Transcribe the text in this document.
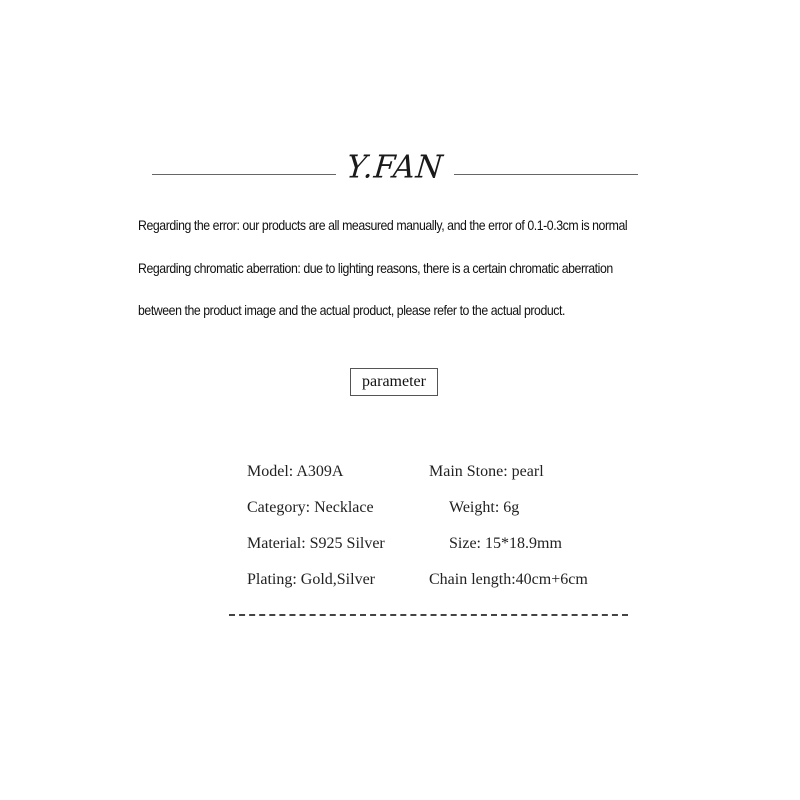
Y.FAN
Regarding the error: our products are all measured manually, and the error of 0.1-0.3cm is normal
Regarding chromatic aberration: due to lighting reasons, there is a certain chromatic aberration
between the product image and the actual product, please refer to the actual product.
parameter
Model: A309A	Main Stone: pearl
Category: Necklace	Weight: 6g
Material: S925 Silver	Size: 15*18.9mm
Plating: Gold,Silver	Chain length:40cm+6cm
